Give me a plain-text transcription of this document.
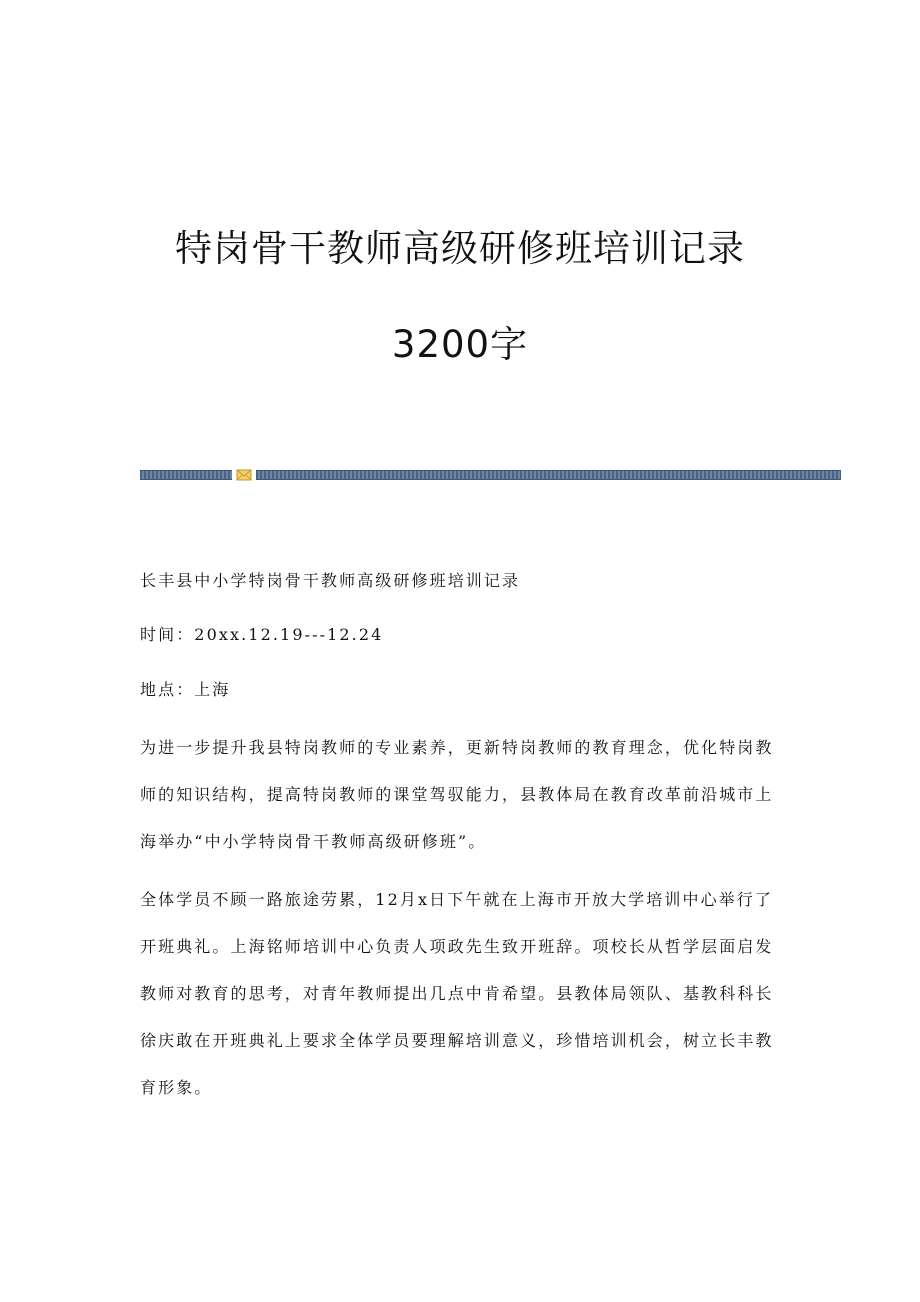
特岗骨干教师高级研修班培训记录
3200字

长丰县中小学特岗骨干教师高级研修班培训记录

时间：20xx.12.19---12.24

地点：上海

为进一步提升我县特岗教师的专业素养，更新特岗教师的教育理念，优化特岗教师的知识结构，提高特岗教师的课堂驾驭能力，县教体局在教育改革前沿城市上海举办“中小学特岗骨干教师高级研修班”。

全体学员不顾一路旅途劳累，12月x日下午就在上海市开放大学培训中心举行了开班典礼。上海铭师培训中心负责人项政先生致开班辞。项校长从哲学层面启发教师对教育的思考，对青年教师提出几点中肯希望。县教体局领队、基教科科长徐庆敢在开班典礼上要求全体学员要理解培训意义，珍惜培训机会，树立长丰教育形象。
